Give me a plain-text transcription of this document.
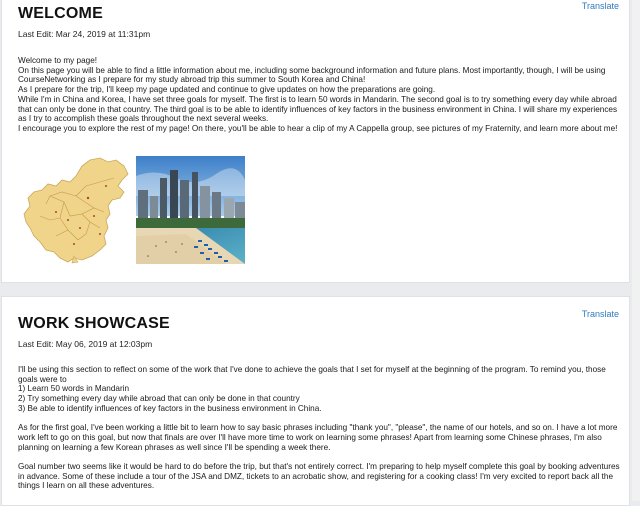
Translate
WELCOME
Last Edit: Mar 24, 2019 at 11:31pm

Welcome to my page!

On this page you will be able to find a little information about me, including some background information and future plans. Most importantly, though, I will be using CourseNetworking as I prepare for my study abroad trip this summer to South Korea and China!

As I prepare for the trip, I'll keep my page updated and continue to give updates on how the preparations are going.

While I'm in China and Korea, I have set three goals for myself. The first is to learn 50 words in Mandarin. The second goal is to try something every day while abroad that can only be done in that country. The third goal is to be able to identify influences of key factors in the business environment in China. I will share my experiences as I try to accomplish these goals throughout the next several weeks.

I encourage you to explore the rest of my page! On there, you'll be able to hear a clip of my A Cappella group, see pictures of my Fraternity, and learn more about me!

Translate
WORK SHOWCASE
Last Edit: May 06, 2019 at 12:03pm

I'll be using this section to reflect on some of the work that I've done to achieve the goals that I set for myself at the beginning of the program. To remind you, those goals were to

1) Learn 50 words in Mandarin

2) Try something every day while abroad that can only be done in that country

3) Be able to identify influences of key factors in the business environment in China.

As for the first goal, I've been working a little bit to learn how to say basic phrases including "thank you", "please", the name of our hotels, and so on. I have a lot more work left to go on this goal, but now that finals are over I'll have more time to work on learning some phrases! Apart from learning some Chinese phrases, I'm also planning on learning a few Korean phrases as well since I'll be spending a week there.

Goal number two seems like it would be hard to do before the trip, but that's not entirely correct. I'm preparing to help myself complete this goal by booking adventures in advance. Some of these include a tour of the JSA and DMZ, tickets to an acrobatic show, and registering for a cooking class! I'm very excited to report back all the things I learn on all these adventures.
